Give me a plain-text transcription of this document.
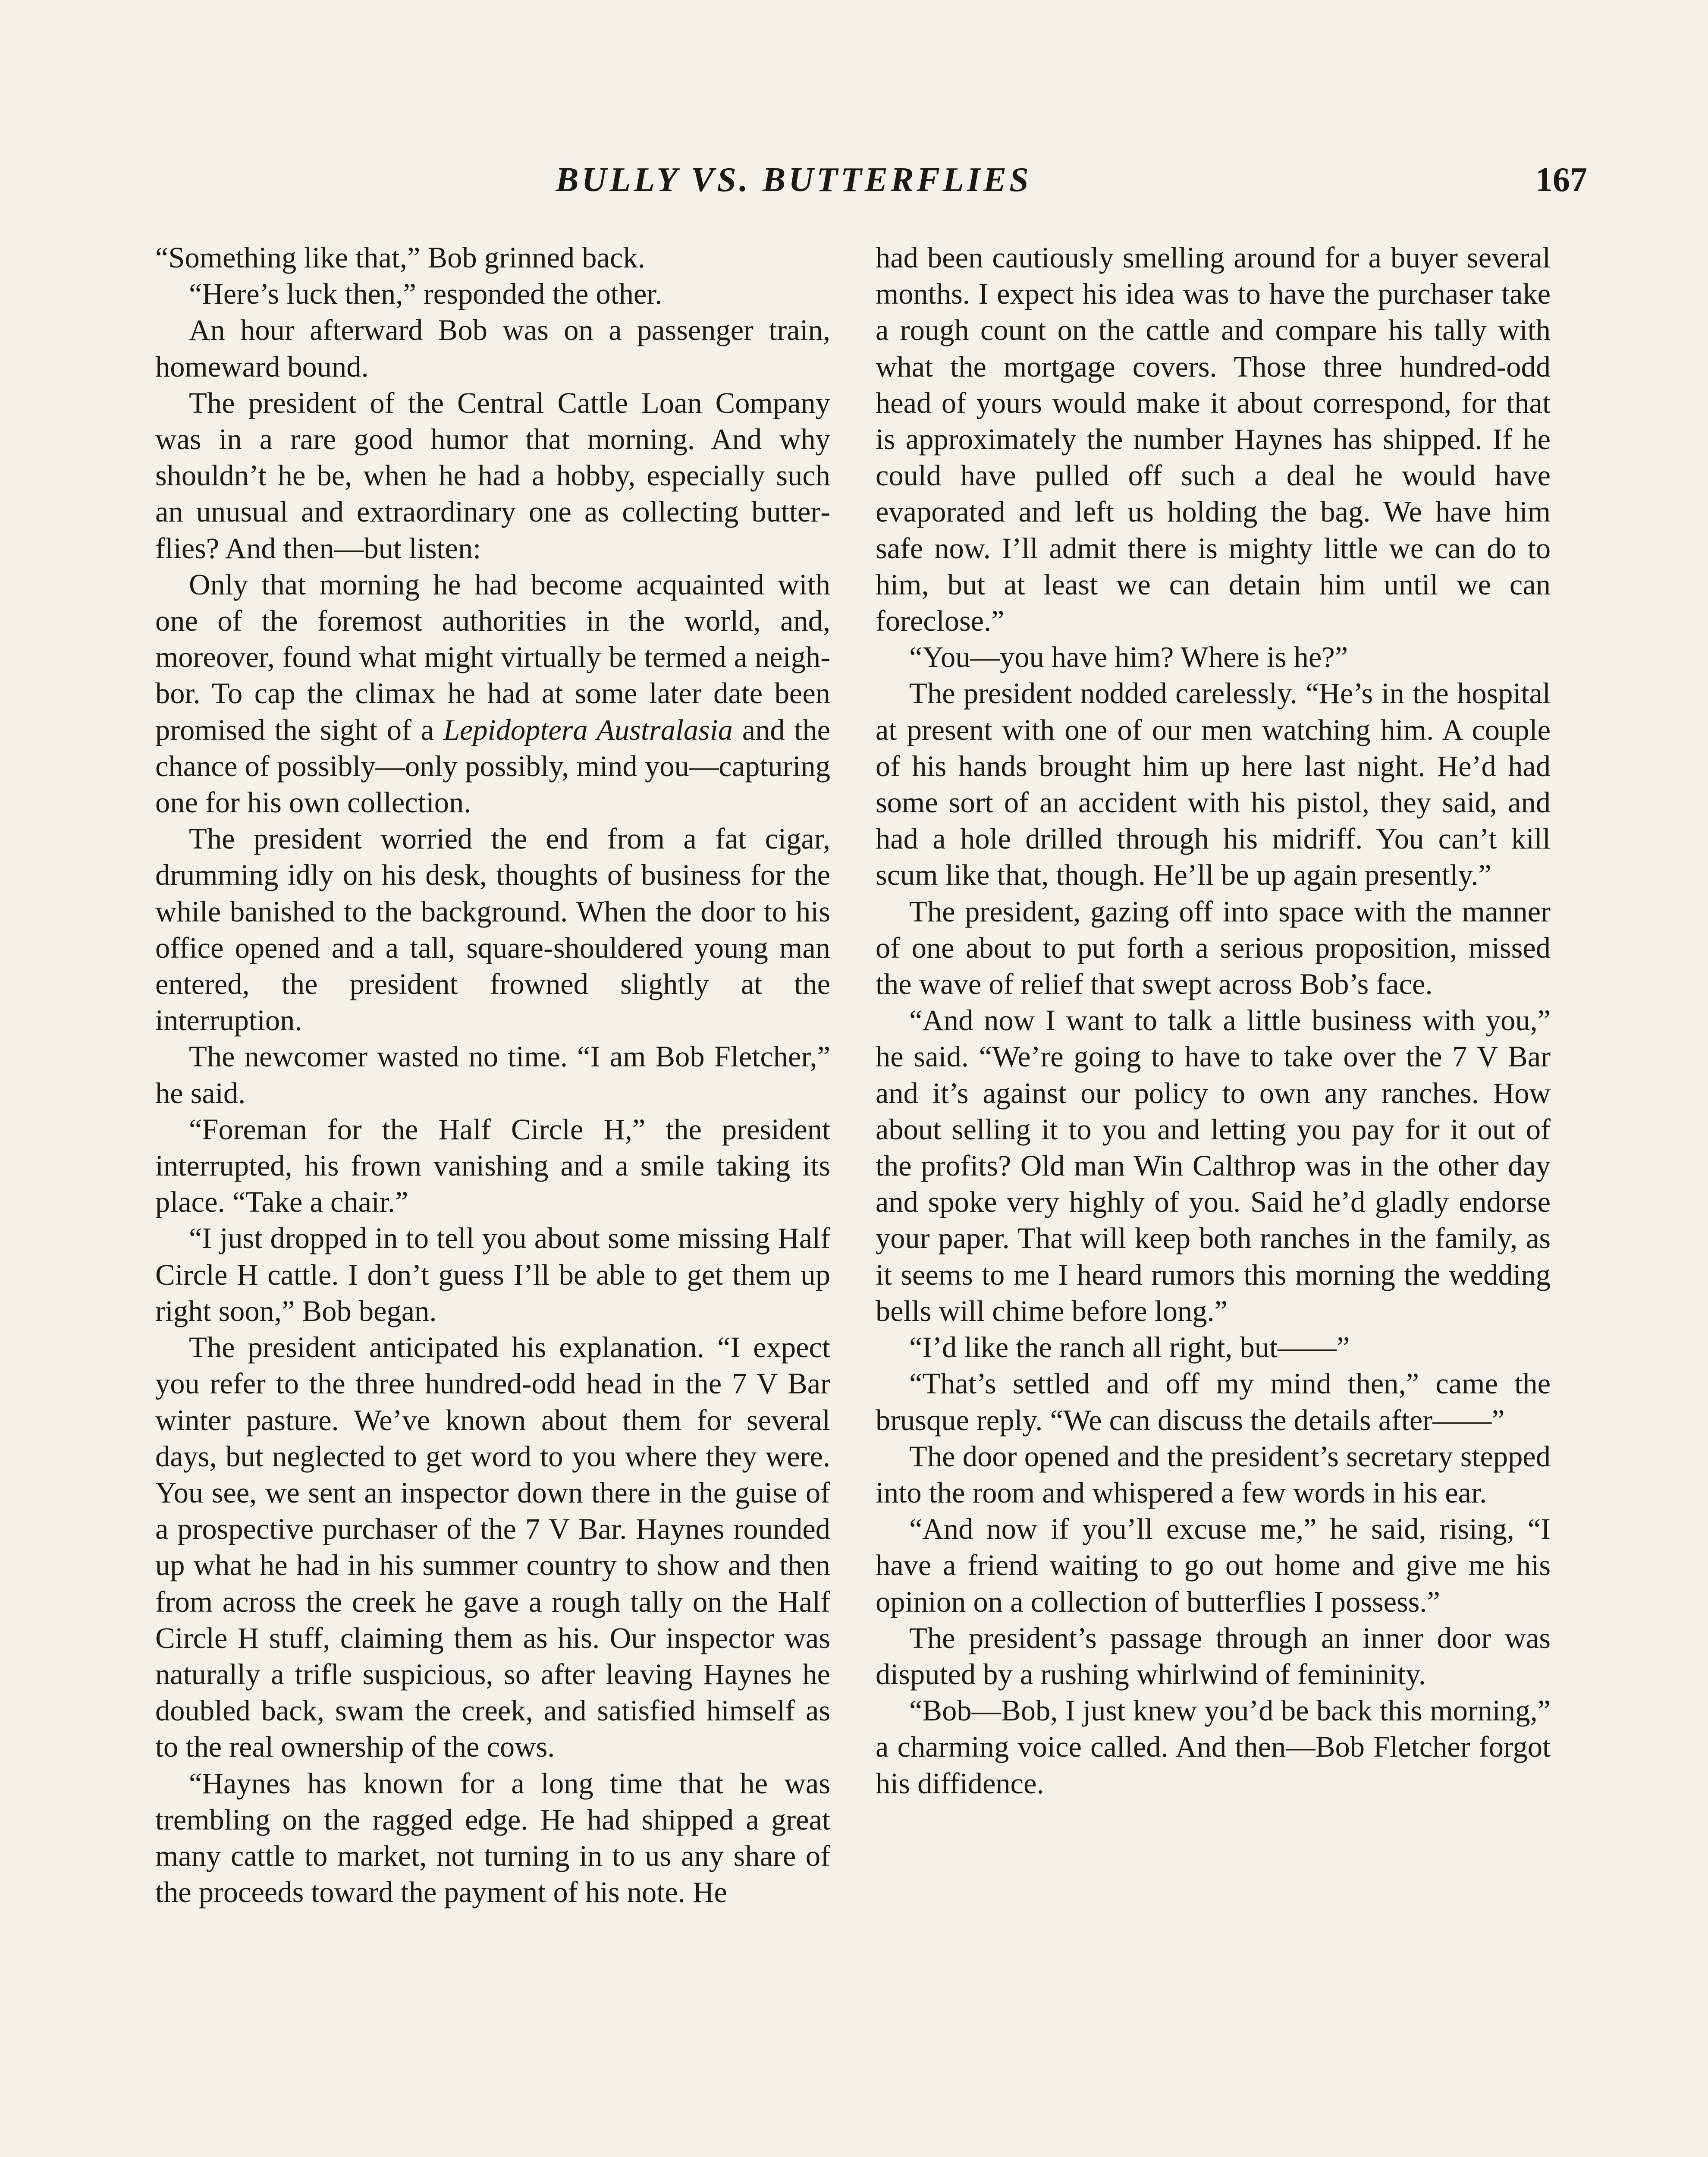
BULLY VS. BUTTERFLIES	167

“Something like that,” Bob grinned back.

“Here’s luck then,” responded the other.

An hour afterward Bob was on a passenger train, homeward bound.

The president of the Central Cattle Loan Company was in a rare good humor that morning. And why shouldn’t he be, when he had a hobby, especially such an unusual and extraordinary one as collecting butterflies? And then—but listen:

Only that morning he had become acquainted with one of the foremost authorities in the world, and, moreover, found what might virtually be termed a neighbor. To cap the climax he had at some later date been promised the sight of a Lepidoptera Australasia and the chance of possibly—only possibly, mind you—capturing one for his own collection.

The president worried the end from a fat cigar, drumming idly on his desk, thoughts of business for the while banished to the background. When the door to his office opened and a tall, square-shouldered young man entered, the president frowned slightly at the interruption.

The newcomer wasted no time. “I am Bob Fletcher,” he said.

“Foreman for the Half Circle H,” the president interrupted, his frown vanishing and a smile taking its place. “Take a chair.”

“I just dropped in to tell you about some missing Half Circle H cattle. I don’t guess I’ll be able to get them up right soon,” Bob began.

The president anticipated his explanation. “I expect you refer to the three hundred-odd head in the 7 V Bar winter pasture. We’ve known about them for several days, but neglected to get word to you where they were. You see, we sent an inspector down there in the guise of a prospective purchaser of the 7 V Bar. Haynes rounded up what he had in his summer country to show and then from across the creek he gave a rough tally on the Half Circle H stuff, claiming them as his. Our inspector was naturally a trifle suspicious, so after leaving Haynes he doubled back, swam the creek, and satisfied himself as to the real ownership of the cows.

“Haynes has known for a long time that he was trembling on the ragged edge. He had shipped a great many cattle to market, not turning in to us any share of the proceeds toward the payment of his note. He

had been cautiously smelling around for a buyer several months. I expect his idea was to have the purchaser take a rough count on the cattle and compare his tally with what the mortgage covers. Those three hundred-odd head of yours would make it about correspond, for that is approximately the number Haynes has shipped. If he could have pulled off such a deal he would have evaporated and left us holding the bag. We have him safe now. I’ll admit there is mighty little we can do to him, but at least we can detain him until we can foreclose.”

“You—you have him? Where is he?”

The president nodded carelessly. “He’s in the hospital at present with one of our men watching him. A couple of his hands brought him up here last night. He’d had some sort of an accident with his pistol, they said, and had a hole drilled through his midriff. You can’t kill scum like that, though. He’ll be up again presently.”

The president, gazing off into space with the manner of one about to put forth a serious proposition, missed the wave of relief that swept across Bob’s face.

“And now I want to talk a little business with you,” he said. “We’re going to have to take over the 7 V Bar and it’s against our policy to own any ranches. How about selling it to you and letting you pay for it out of the profits? Old man Win Calthrop was in the other day and spoke very highly of you. Said he’d gladly endorse your paper. That will keep both ranches in the family, as it seems to me I heard rumors this morning the wedding bells will chime before long.”

“I’d like the ranch all right, but——”

“That’s settled and off my mind then,” came the brusque reply. “We can discuss the details after——”

The door opened and the president’s secretary stepped into the room and whispered a few words in his ear.

“And now if you’ll excuse me,” he said, rising, “I have a friend waiting to go out home and give me his opinion on a collection of butterflies I possess.”

The president’s passage through an inner door was disputed by a rushing whirlwind of femininity.

“Bob—Bob, I just knew you’d be back this morning,” a charming voice called. And then—Bob Fletcher forgot his diffidence.
